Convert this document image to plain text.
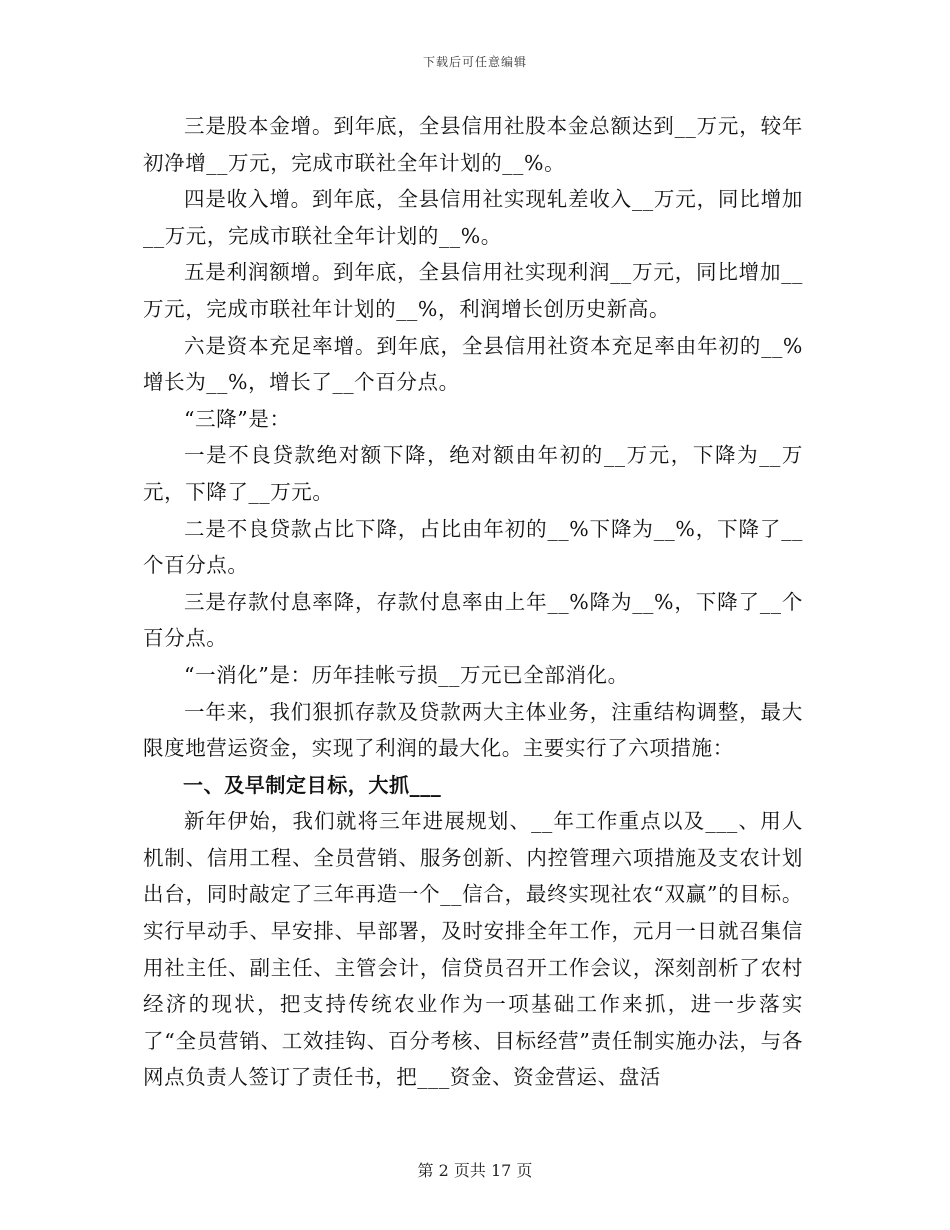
下载后可任意编辑

三是股本金增。到年底，全县信用社股本金总额达到__万元，较年初净增__万元，完成市联社全年计划的__%。

四是收入增。到年底，全县信用社实现轧差收入__万元，同比增加__万元，完成市联社全年计划的__%。

五是利润额增。到年底，全县信用社实现利润__万元，同比增加__万元，完成市联社年计划的__%，利润增长创历史新高。

六是资本充足率增。到年底，全县信用社资本充足率由年初的__%增长为__%，增长了__个百分点。

“三降”是：

一是不良贷款绝对额下降，绝对额由年初的__万元，下降为__万元，下降了__万元。

二是不良贷款占比下降，占比由年初的__%下降为__%，下降了__个百分点。

三是存款付息率降，存款付息率由上年__%降为__%，下降了__个百分点。

“一消化”是：历年挂帐亏损__万元已全部消化。

一年来，我们狠抓存款及贷款两大主体业务，注重结构调整，最大限度地营运资金，实现了利润的最大化。主要实行了六项措施：

一、及早制定目标，大抓___

新年伊始，我们就将三年进展规划、__年工作重点以及___、用人机制、信用工程、全员营销、服务创新、内控管理六项措施及支农计划出台，同时敲定了三年再造一个__信合，最终实现社农“双赢”的目标。实行早动手、早安排、早部署，及时安排全年工作，元月一日就召集信用社主任、副主任、主管会计，信贷员召开工作会议，深刻剖析了农村经济的现状，把支持传统农业作为一项基础工作来抓，进一步落实了“全员营销、工效挂钩、百分考核、目标经营”责任制实施办法，与各网点负责人签订了责任书，把___资金、资金营运、盘活

第 2 页共 17 页
